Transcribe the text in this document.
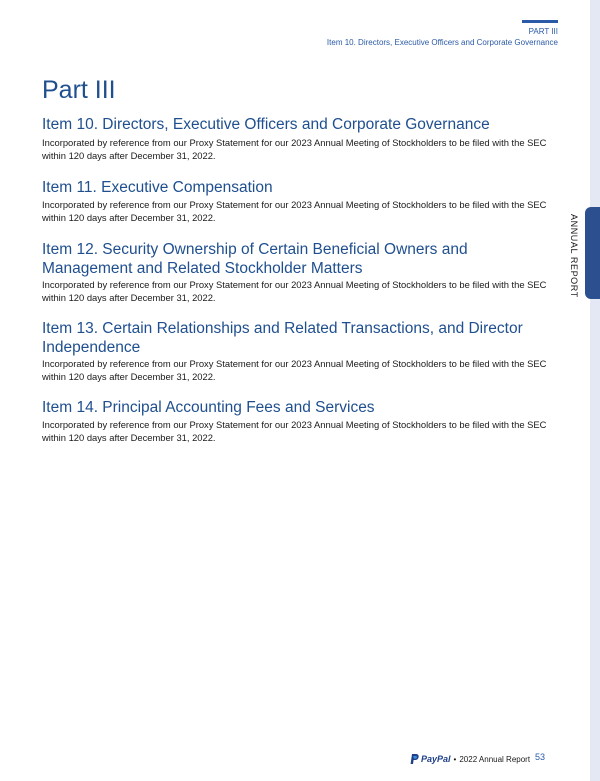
ANNUAL REPORT
PART III
Item 10. Directors, Executive Officers and Corporate Governance
Part III
Item 10. Directors, Executive Officers and Corporate Governance

Incorporated by reference from our Proxy Statement for our 2023 Annual Meeting of Stockholders to be filed with the SEC within 120 days after December 31, 2022.

Item 11. Executive Compensation

Incorporated by reference from our Proxy Statement for our 2023 Annual Meeting of Stockholders to be filed with the SEC within 120 days after December 31, 2022.

Item 12. Security Ownership of Certain Beneficial Owners and Management and Related Stockholder Matters

Incorporated by reference from our Proxy Statement for our 2023 Annual Meeting of Stockholders to be filed with the SEC within 120 days after December 31, 2022.

Item 13. Certain Relationships and Related Transactions, and Director Independence

Incorporated by reference from our Proxy Statement for our 2023 Annual Meeting of Stockholders to be filed with the SEC within 120 days after December 31, 2022.

Item 14. Principal Accounting Fees and Services

Incorporated by reference from our Proxy Statement for our 2023 Annual Meeting of Stockholders to be filed with the SEC within 120 days after December 31, 2022.

PayPal • 2022 Annual Report 53
